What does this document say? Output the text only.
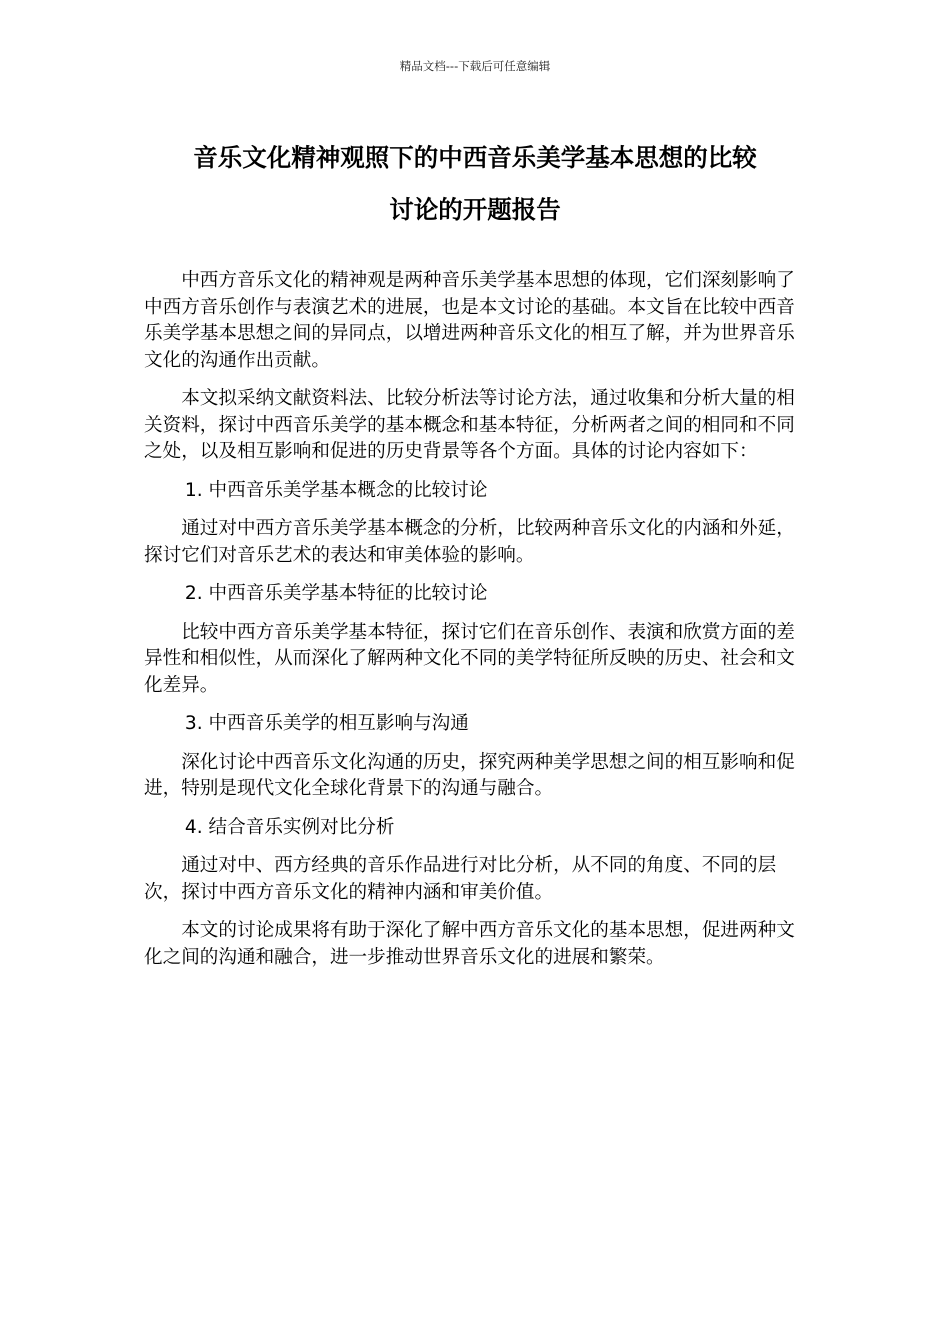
精品文档---下载后可任意编辑
音乐文化精神观照下的中西音乐美学基本思想的比较
讨论的开题报告

中西方音乐文化的精神观是两种音乐美学基本思想的体现，它们深刻影响了中西方音乐创作与表演艺术的进展，也是本文讨论的基础。本文旨在比较中西音乐美学基本思想之间的异同点，以增进两种音乐文化的相互了解，并为世界音乐文化的沟通作出贡献。

本文拟采纳文献资料法、比较分析法等讨论方法，通过收集和分析大量的相关资料，探讨中西音乐美学的基本概念和基本特征，分析两者之间的相同和不同之处，以及相互影响和促进的历史背景等各个方面。具体的讨论内容如下：

1. 中西音乐美学基本概念的比较讨论

通过对中西方音乐美学基本概念的分析，比较两种音乐文化的内涵和外延，探讨它们对音乐艺术的表达和审美体验的影响。

2. 中西音乐美学基本特征的比较讨论

比较中西方音乐美学基本特征，探讨它们在音乐创作、表演和欣赏方面的差异性和相似性，从而深化了解两种文化不同的美学特征所反映的历史、社会和文化差异。

3. 中西音乐美学的相互影响与沟通

深化讨论中西音乐文化沟通的历史，探究两种美学思想之间的相互影响和促进，特别是现代文化全球化背景下的沟通与融合。

4. 结合音乐实例对比分析

通过对中、西方经典的音乐作品进行对比分析，从不同的角度、不同的层次，探讨中西方音乐文化的精神内涵和审美价值。

本文的讨论成果将有助于深化了解中西方音乐文化的基本思想，促进两种文化之间的沟通和融合，进一步推动世界音乐文化的进展和繁荣。
